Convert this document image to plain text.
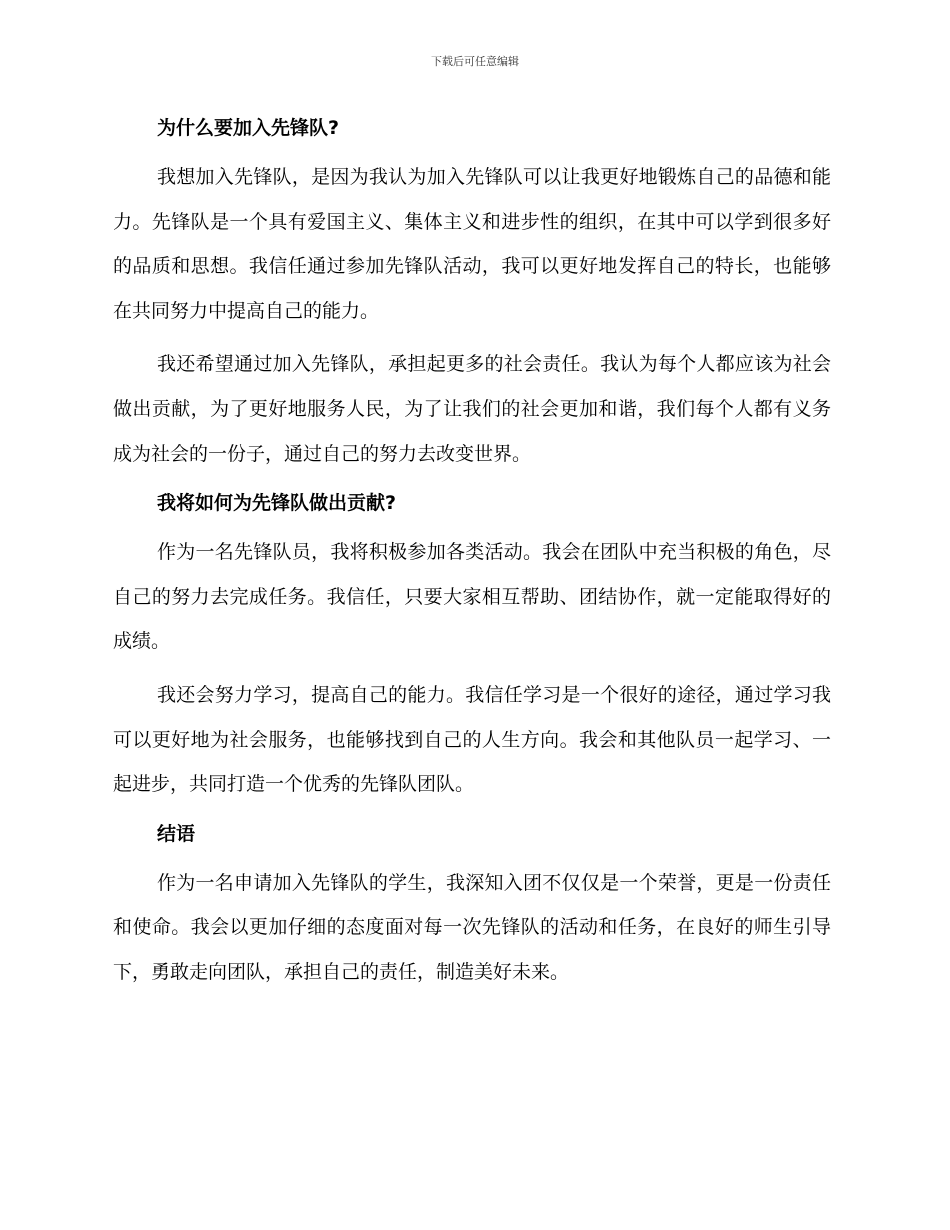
下载后可任意编辑
为什么要加入先锋队?

我想加入先锋队，是因为我认为加入先锋队可以让我更好地锻炼自己的品德和能力。先锋队是一个具有爱国主义、集体主义和进步性的组织，在其中可以学到很多好的品质和思想。我信任通过参加先锋队活动，我可以更好地发挥自己的特长，也能够在共同努力中提高自己的能力。

我还希望通过加入先锋队，承担起更多的社会责任。我认为每个人都应该为社会做出贡献，为了更好地服务人民，为了让我们的社会更加和谐，我们每个人都有义务成为社会的一份子，通过自己的努力去改变世界。

我将如何为先锋队做出贡献?

作为一名先锋队员，我将积极参加各类活动。我会在团队中充当积极的角色，尽自己的努力去完成任务。我信任，只要大家相互帮助、团结协作，就一定能取得好的成绩。

我还会努力学习，提高自己的能力。我信任学习是一个很好的途径，通过学习我可以更好地为社会服务，也能够找到自己的人生方向。我会和其他队员一起学习、一起进步，共同打造一个优秀的先锋队团队。

结语

作为一名申请加入先锋队的学生，我深知入团不仅仅是一个荣誉，更是一份责任和使命。我会以更加仔细的态度面对每一次先锋队的活动和任务，在良好的师生引导下，勇敢走向团队，承担自己的责任，制造美好未来。
